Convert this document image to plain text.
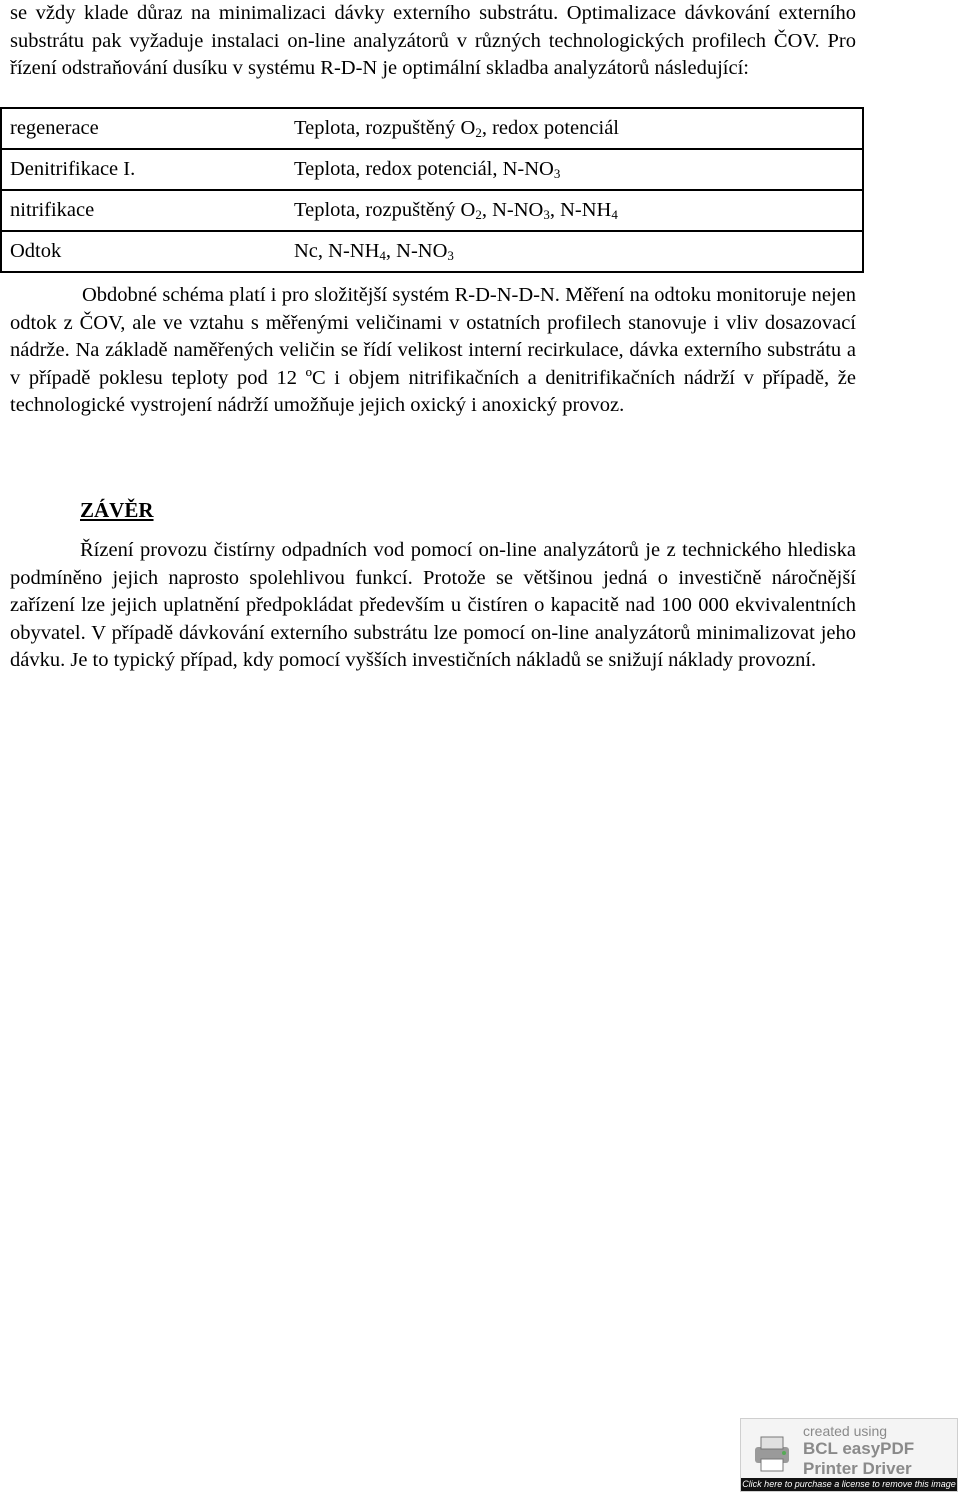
se vždy klade důraz na minimalizaci dávky externího substrátu. Optimalizace dávkování externího substrátu pak vyžaduje instalaci on-line analyzátorů v různých technologických profilech ČOV. Pro řízení odstraňování dusíku v systému R-D-N je optimální skladba analyzátorů následující:

regenerace	Teplota, rozpuštěný $O_2$, redox potenciál
Denitrifikace I.	Teplota, redox potenciál, $N-NO_3$
nitrifikace	Teplota, rozpuštěný $O_2$, $N-NO_3$, $N-NH_4$
Odtok	Nc, $N-NH_4$, $N-NO_3$

Obdobné schéma platí i pro složitější systém R-D-N-D-N. Měření na odtoku monitoruje nejen odtok z ČOV, ale ve vztahu s měřenými veličinami v ostatních profilech stanovuje i vliv dosazovací nádrže. Na základě naměřených veličin se řídí velikost interní recirkulace, dávka externího substrátu a v případě poklesu teploty pod 12 ºC i objem nitrifikačních a denitrifikačních nádrží v případě, že technologické vystrojení nádrží umožňuje jejich oxický i anoxický provoz.

ZÁVĚR

Řízení provozu čistírny odpadních vod pomocí on-line analyzátorů je z technického hlediska podmíněno jejich naprosto spolehlivou funkcí. Protože se většinou jedná o investičně náročnější zařízení lze jejich uplatnění předpokládat především u čistíren o kapacitě nad 100 000 ekvivalentních obyvatel. V případě dávkování externího substrátu lze pomocí on-line analyzátorů minimalizovat jeho dávku. Je to typický případ, kdy pomocí vyšších investičních nákladů se snižují náklady provozní.

created using
BCL easyPDF
Printer Driver
Click here to purchase a license to remove this image
